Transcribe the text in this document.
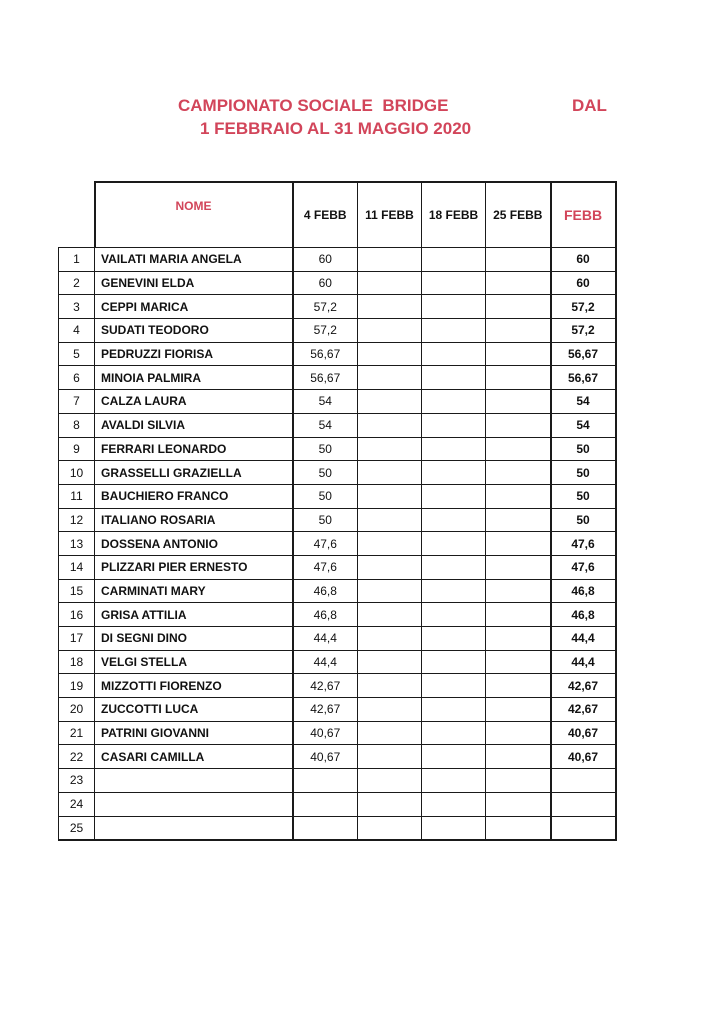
CAMPIONATO SOCIALE  BRIDGE	DAL
1 FEBBRAIO AL 31 MAGGIO 2020
	NOME	4 FEBB	11 FEBB	18 FEBB	25 FEBB	FEBB
1	VAILATI MARIA ANGELA	60				60
2	GENEVINI ELDA	60				60
3	CEPPI MARICA	57,2				57,2
4	SUDATI TEODORO	57,2				57,2
5	PEDRUZZI FIORISA	56,67				56,67
6	MINOIA PALMIRA	56,67				56,67
7	CALZA LAURA	54				54
8	AVALDI SILVIA	54				54
9	FERRARI LEONARDO	50				50
10	GRASSELLI GRAZIELLA	50				50
11	BAUCHIERO FRANCO	50				50
12	ITALIANO ROSARIA	50				50
13	DOSSENA ANTONIO	47,6				47,6
14	PLIZZARI PIER ERNESTO	47,6				47,6
15	CARMINATI MARY	46,8				46,8
16	GRISA ATTILIA	46,8				46,8
17	DI SEGNI DINO	44,4				44,4
18	VELGI STELLA	44,4				44,4
19	MIZZOTTI FIORENZO	42,67				42,67
20	ZUCCOTTI LUCA	42,67				42,67
21	PATRINI GIOVANNI	40,67				40,67
22	CASARI CAMILLA	40,67				40,67
23						
24						
25						
